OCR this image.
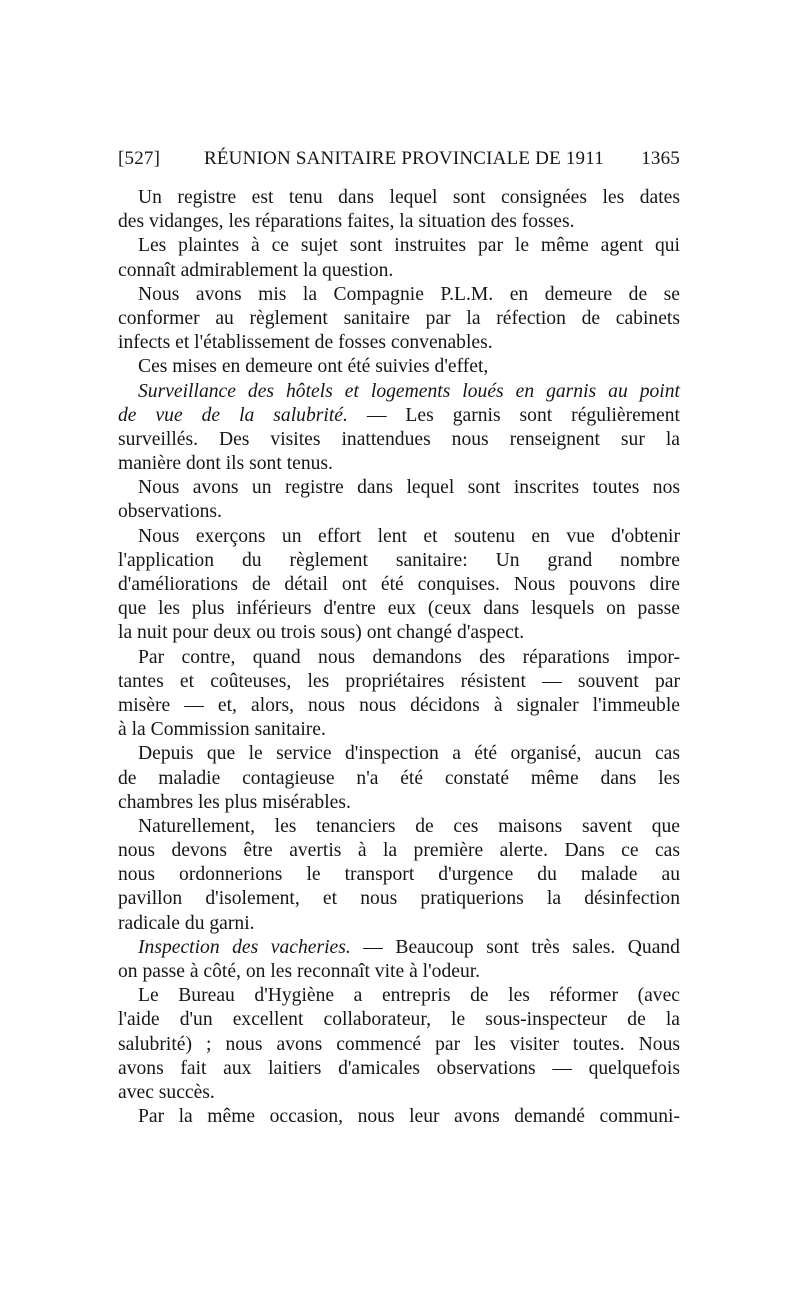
[527] RÉUNION SANITAIRE PROVINCIALE DE 1911 1365
Un registre est tenu dans lequel sont consignées les dates
des vidanges, les réparations faites, la situation des fosses.
Les plaintes à ce sujet sont instruites par le même agent qui
connaît admirablement la question.
Nous avons mis la Compagnie P.L.M. en demeure de se
conformer au règlement sanitaire par la réfection de cabinets
infects et l'établissement de fosses convenables.
Ces mises en demeure ont été suivies d'effet,
Surveillance des hôtels et logements loués en garnis au point
de vue de la salubrité. — Les garnis sont régulièrement
surveillés. Des visites inattendues nous renseignent sur la
manière dont ils sont tenus.
Nous avons un registre dans lequel sont inscrites toutes nos
observations.
Nous exerçons un effort lent et soutenu en vue d'obtenir
l'application du règlement sanitaire: Un grand nombre
d'améliorations de détail ont été conquises. Nous pouvons dire
que les plus inférieurs d'entre eux (ceux dans lesquels on passe
la nuit pour deux ou trois sous) ont changé d'aspect.
Par contre, quand nous demandons des réparations impor-
tantes et coûteuses, les propriétaires résistent — souvent par
misère — et, alors, nous nous décidons à signaler l'immeuble
à la Commission sanitaire.
Depuis que le service d'inspection a été organisé, aucun cas
de maladie contagieuse n'a été constaté même dans les
chambres les plus misérables.
Naturellement, les tenanciers de ces maisons savent que
nous devons être avertis à la première alerte. Dans ce cas
nous ordonnerions le transport d'urgence du malade au
pavillon d'isolement, et nous pratiquerions la désinfection
radicale du garni.
Inspection des vacheries. — Beaucoup sont très sales. Quand
on passe à côté, on les reconnaît vite à l'odeur.
Le Bureau d'Hygiène a entrepris de les réformer (avec
l'aide d'un excellent collaborateur, le sous-inspecteur de la
salubrité) ; nous avons commencé par les visiter toutes. Nous
avons fait aux laitiers d'amicales observations — quelquefois
avec succès.
Par la même occasion, nous leur avons demandé communi-
